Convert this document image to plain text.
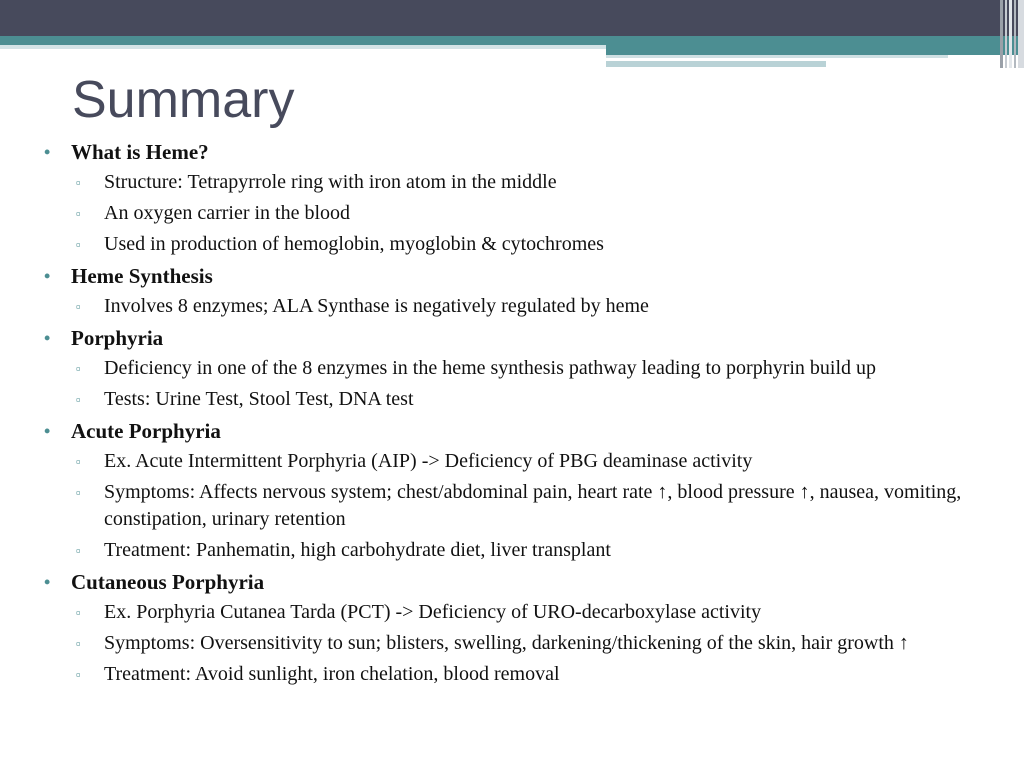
Summary
• What is Heme?
▫	Structure: Tetrapyrrole ring with iron atom in the middle
▫	An oxygen carrier in the blood
▫	Used in production of hemoglobin, myoglobin & cytochromes
• Heme Synthesis
▫	Involves 8 enzymes; ALA Synthase is negatively regulated by heme
• Porphyria
▫	Deficiency in one of the 8 enzymes in the heme synthesis pathway leading to porphyrin build up
▫	Tests: Urine Test, Stool Test, DNA test
• Acute Porphyria
▫	Ex. Acute Intermittent Porphyria (AIP) -> Deficiency of PBG deaminase activity
▫	Symptoms: Affects nervous system; chest/abdominal pain, heart rate ↑, blood pressure ↑, nausea, vomiting, constipation, urinary retention
▫	Treatment: Panhematin, high carbohydrate diet, liver transplant
• Cutaneous Porphyria
▫	Ex. Porphyria Cutanea Tarda (PCT) -> Deficiency of URO-decarboxylase activity
▫	Symptoms: Oversensitivity to sun; blisters, swelling, darkening/thickening of the skin, hair growth ↑
▫	Treatment: Avoid sunlight, iron chelation, blood removal
